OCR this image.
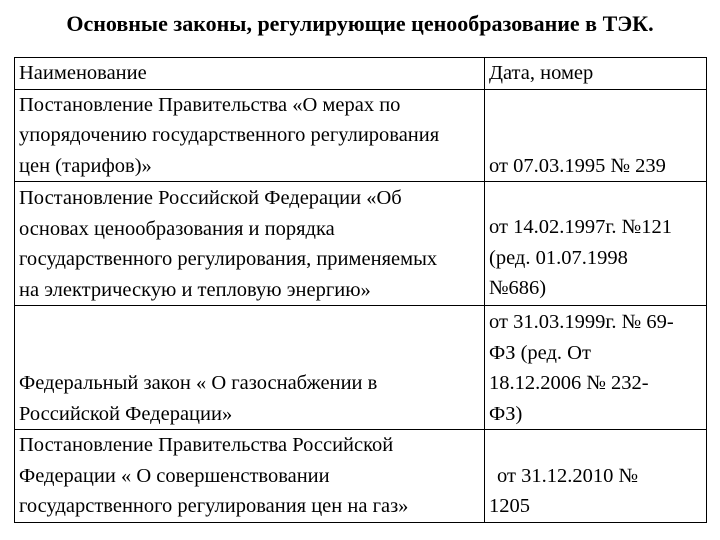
Основные законы, регулирующие ценообразование в ТЭК.
Наименование	Дата, номер

Постановление Правительства «О мерах по
упорядочению государственного регулирования
цен (тарифов)»	от 07.03.1995 № 239

Постановление Российской Федерации «Об
основах ценообразования и порядка
государственного регулирования, применяемых
на электрическую и тепловую энергию»	от 14.02.1997г. №121
(ред. 01.07.1998
№686)

Федеральный закон « О газоснабжении в
Российской Федерации»	от 31.03.1999г. № 69-
ФЗ (ред. От
18.12.2006 № 232-
ФЗ)

Постановление Правительства Российской
Федерации « О совершенствовании
государственного регулирования цен на газ»	от 31.12.2010 №
1205
